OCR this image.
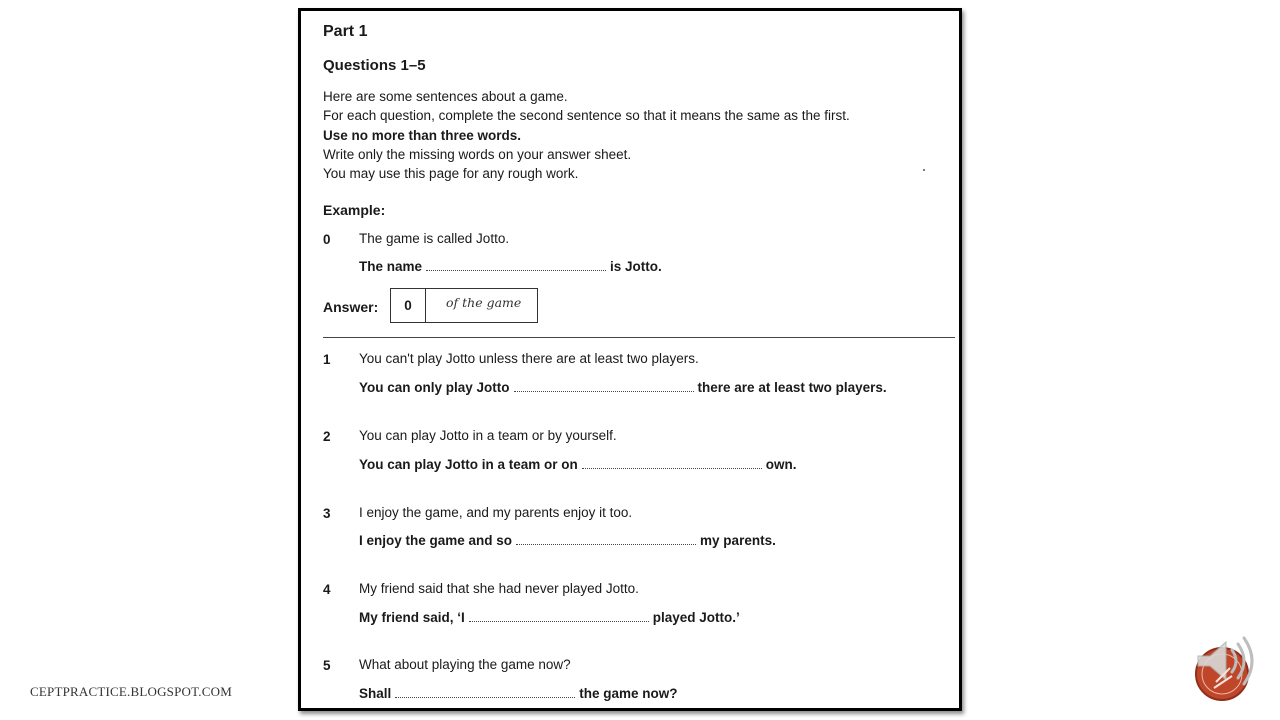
Part 1
Questions 1–5
Here are some sentences about a game.
For each question, complete the second sentence so that it means the same as the first.
Use no more than three words.
Write only the missing words on your answer sheet.
You may use this page for any rough work.
Example:
0 The game is called Jotto.
The name	is Jotto.
Answer:	0	of the game
1 You can't play Jotto unless there are at least two players.
You can only play Jotto	there are at least two players.
2 You can play Jotto in a team or by yourself.
You can play Jotto in a team or on	own.
3 I enjoy the game, and my parents enjoy it too.
I enjoy the game and so	my parents.
4 My friend said that she had never played Jotto.
My friend said, ‘I	played Jotto.’
5 What about playing the game now?
Shall	the game now?
CEPTPRACTICE.BLOGSPOT.COM
